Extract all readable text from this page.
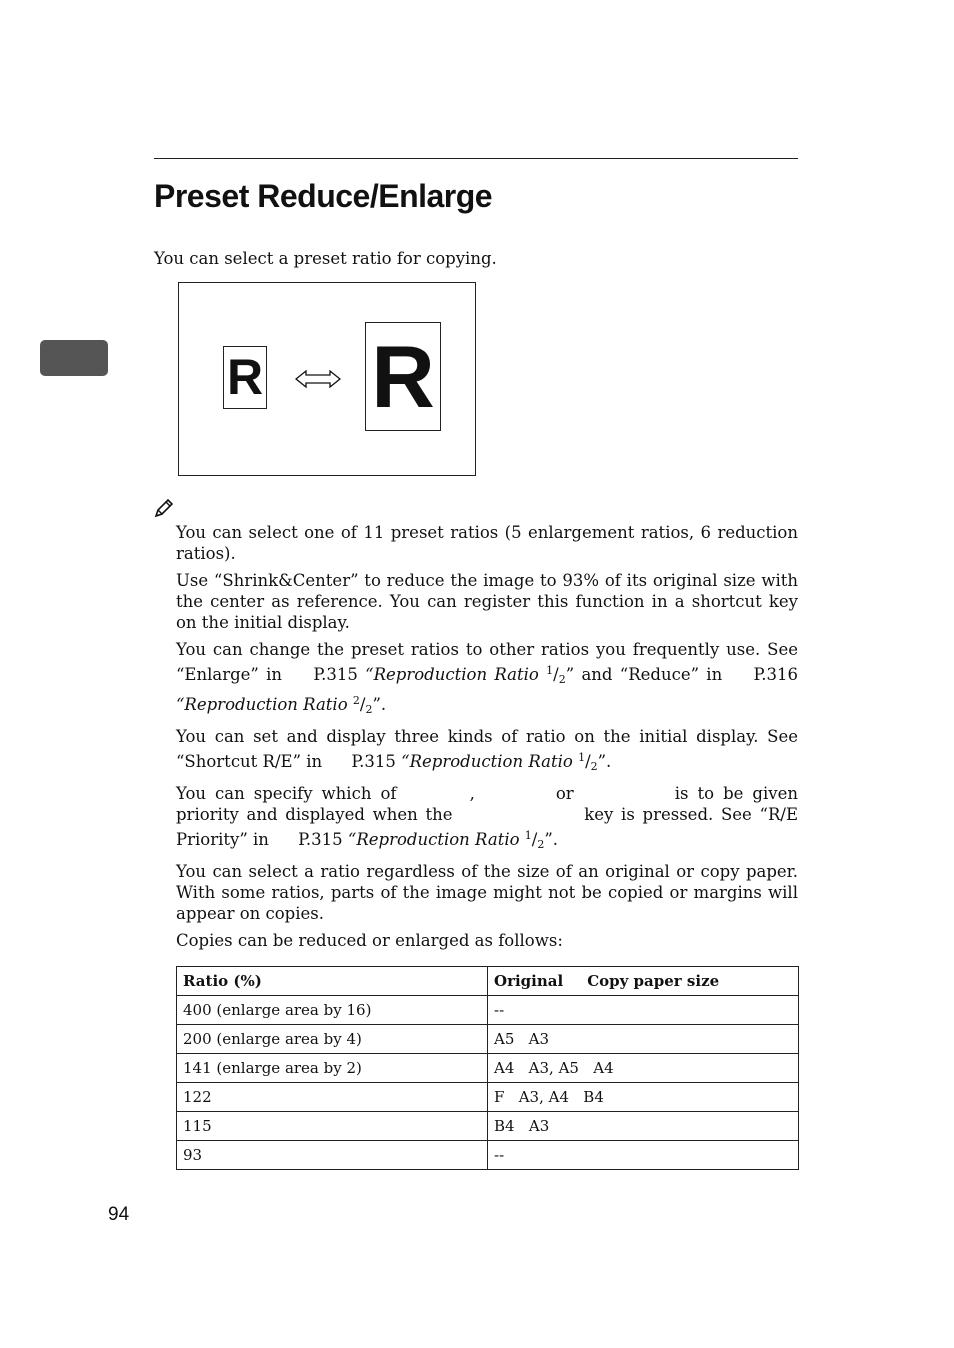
Preset Reduce/Enlarge

You can select a preset ratio for copying.

R R
You can select one of 11 preset ratios (5 enlargement ratios, 6 reduction ratios).
Use “Shrink&Center” to reduce the image to 93% of its original size with the center as reference. You can register this function in a shortcut key on the initial display.
You can change the preset ratios to other ratios you frequently use. See “Enlarge” in P.315 “Reproduction Ratio $^1/_2$” and “Reduce” in P.316 “Reproduction Ratio $^2/_2$”.
You can set and display three kinds of ratio on the initial display. See “Shortcut R/E” in P.315 “Reproduction Ratio $^1/_2$”.
You can specify which of	,	or	is to be given priority and displayed when the	key is pressed. See “R/E Priority” in P.315 “Reproduction Ratio $^1/_2$”.
You can select a ratio regardless of the size of an original or copy paper. With some ratios, parts of the image might not be copied or margins will appear on copies.
Copies can be reduced or enlarged as follows:
Ratio (%)	Original Copy paper size
400 (enlarge area by 16)	--
200 (enlarge area by 4)	A5   A3
141 (enlarge area by 2)	A4   A3, A5   A4
122	F   A3, A4   B4
115	B4   A3
93	--
94
